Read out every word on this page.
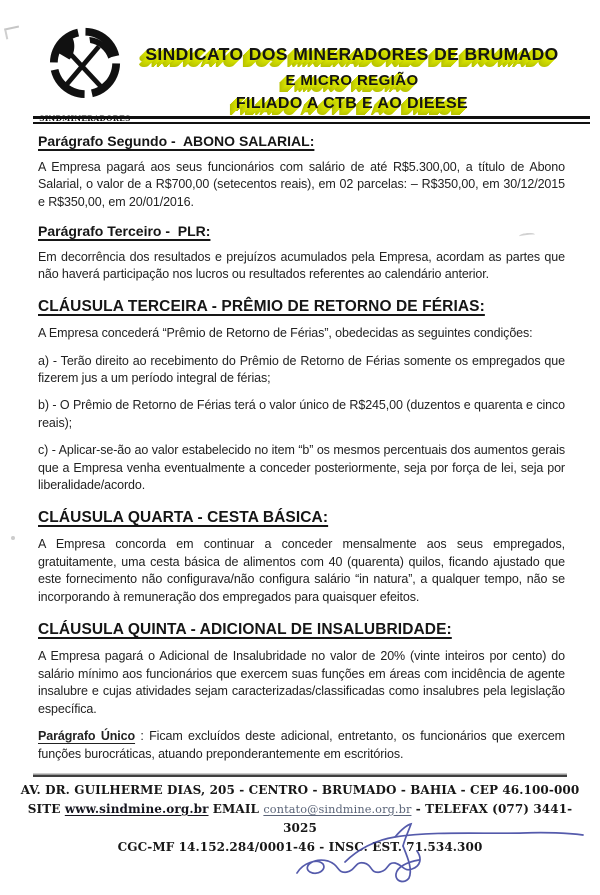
SINDMINERADORES
SINDICATO DOS MINERADORES DE BRUMADO
E MICRO REGIÃO
FILIADO A CTB E AO DIEESE
Parágrafo Segundo -  ABONO SALARIAL:

A Empresa pagará aos seus funcionários com salário de até R$5.300,00, a título de Abono Salarial, o valor de a R$700,00 (setecentos reais), em 02 parcelas: – R$350,00, em 30/12/2015 e R$350,00, em 20/01/2016.

Parágrafo Terceiro -  PLR:

Em decorrência dos resultados e prejuízos acumulados pela Empresa, acordam as partes que não haverá participação nos lucros ou resultados referentes ao calendário anterior.

CLÁUSULA TERCEIRA - PRÊMIO DE RETORNO DE FÉRIAS:

A Empresa concederá “Prêmio de Retorno de Férias”, obedecidas as seguintes condições:

a) - Terão direito ao recebimento do Prêmio de Retorno de Férias somente os empregados que fizerem jus a um período integral de férias;

b) - O Prêmio de Retorno de Férias terá o valor único de R$245,00 (duzentos e quarenta e cinco reais);

c) - Aplicar-se-ão ao valor estabelecido no item “b” os mesmos percentuais dos aumentos gerais que a Empresa venha eventualmente a conceder posteriormente, seja por força de lei, seja por liberalidade/acordo.

CLÁUSULA QUARTA - CESTA BÁSICA:

A Empresa concorda em continuar a conceder mensalmente aos seus empregados, gratuitamente, uma cesta básica de alimentos com 40 (quarenta) quilos, ficando ajustado que este fornecimento não configurava/não configura salário “in natura”, a qualquer tempo, não se incorporando à remuneração dos empregados para quaisquer efeitos.

CLÁUSULA QUINTA - ADICIONAL DE INSALUBRIDADE:

A Empresa pagará o Adicional de Insalubridade no valor de 20% (vinte inteiros por cento) do salário mínimo aos funcionários que exercem suas funções em áreas com incidência de agente insalubre e cujas atividades sejam caracterizadas/classificadas como insalubres pela legislação específica.

Parágrafo Único : Ficam excluídos deste adicional, entretanto, os funcionários que exercem funções burocráticas, atuando preponderantemente em escritórios.

AV. DR. GUILHERME DIAS, 205 - CENTRO - BRUMADO - BAHIA - CEP 46.100-000
SITE www.sindmine.org.br EMAIL contato@sindmine.org.br - TELEFAX (077) 3441-3025
CGC-MF 14.152.284/0001-46 - INSC. EST. 71.534.300
